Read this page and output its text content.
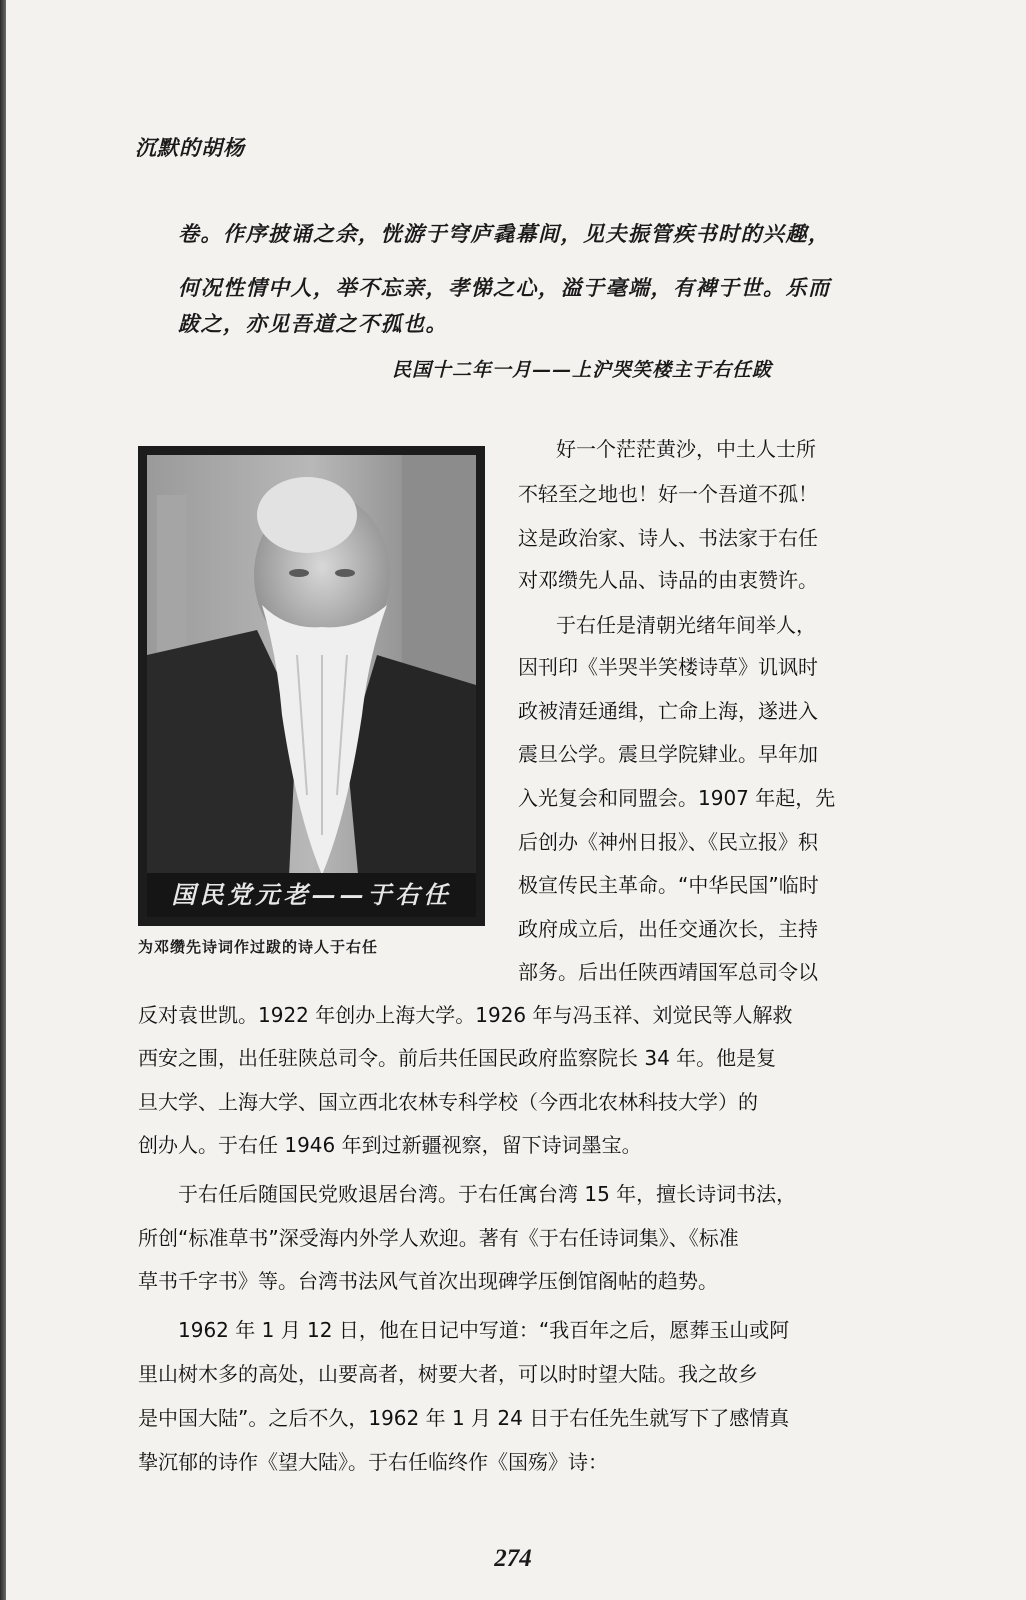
沉默的胡杨
卷。作序披诵之余，恍游于穹庐毳幕间，见夫振管疾书时的兴趣，
何况性情中人，举不忘亲，孝悌之心，溢于毫端，有裨于世。乐而
跋之，亦见吾道之不孤也。
民国十二年一月——上沪哭笑楼主于右任跋
国民党元老——于右任
为邓缵先诗词作过跋的诗人于右任
好一个茫茫黄沙，中土人士所
不轻至之地也！好一个吾道不孤！
这是政治家、诗人、书法家于右任
对邓缵先人品、诗品的由衷赞许。
于右任是清朝光绪年间举人，
因刊印《半哭半笑楼诗草》讥讽时
政被清廷通缉，亡命上海，遂进入
震旦公学。震旦学院肄业。早年加
入光复会和同盟会。1907 年起，先
后创办《神州日报》、《民立报》积
极宣传民主革命。“中华民国”临时
政府成立后，出任交通次长，主持
部务。后出任陕西靖国军总司令以
反对袁世凯。1922 年创办上海大学。1926 年与冯玉祥、刘觉民等人解救
西安之围，出任驻陕总司令。前后共任国民政府监察院长 34 年。他是复
旦大学、上海大学、国立西北农林专科学校（今西北农林科技大学）的
创办人。于右任 1946 年到过新疆视察，留下诗词墨宝。
于右任后随国民党败退居台湾。于右任寓台湾 15 年，擅长诗词书法，
所创“标准草书”深受海内外学人欢迎。著有《于右任诗词集》、《标准
草书千字书》等。台湾书法风气首次出现碑学压倒馆阁帖的趋势。
1962 年 1 月 12 日，他在日记中写道：“我百年之后，愿葬玉山或阿
里山树木多的高处，山要高者，树要大者，可以时时望大陆。我之故乡
是中国大陆”。之后不久，1962 年 1 月 24 日于右任先生就写下了感情真
挚沉郁的诗作《望大陆》。于右任临终作《国殇》诗：
274
